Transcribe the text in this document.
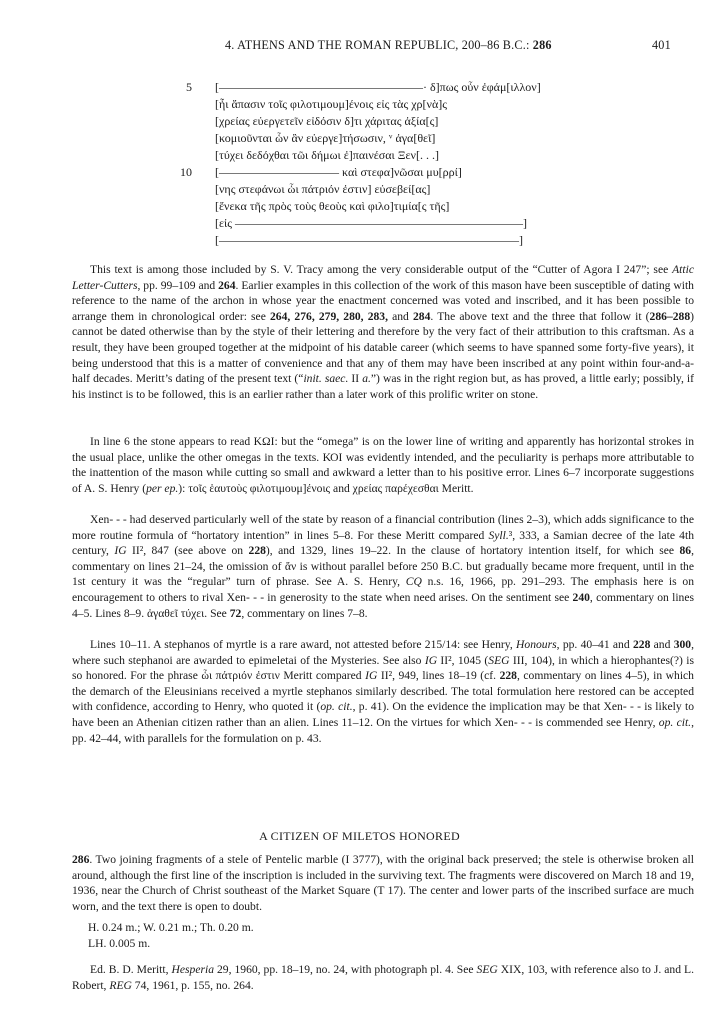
4. ATHENS AND THE ROMAN REPUBLIC, 200–86 B.C.: 286	401
5 [—————————————————· δ]πως οὖν ἐφάμ[ιλλον]
[ἦι ἅπασιν τοῖς φιλοτιμουμ]ένοις εἰς τὰς χρ[νὰ]ς
[χρείας εὐεργετεῖν εἰδόσιν δ]τι χάριτας ἀξία[ς]
[κομιοῦνται ὧν ἂν εὐεργε]τήσωσιν, ᵛ ἀγα[θεῖ]
[τύχει δεδόχθαι τῶι δήμωι ἐ]παινέσαι Ξεν[. . .]
10 [—————————— καὶ στεφα]νῶσαι μυ[ρρί]
[νης στεφάνωι ὧι πάτριόν ἐστιν] εὐσεβεί[ας]
[ἕνεκα τῆς πρὸς τοὺς θεοὺς καὶ φιλο]τιμία[ς τῆς]
[εἰς ————————————————————————]
[—————————————————————————]

This text is among those included by S. V. Tracy among the very considerable output of the “Cutter of Agora I 247”; see Attic Letter-Cutters, pp. 99–109 and 264. Earlier examples in this collection of the work of this mason have been susceptible of dating with reference to the name of the archon in whose year the enactment concerned was voted and inscribed, and it has been possible to arrange them in chronological order: see 264, 276, 279, 280, 283, and 284. The above text and the three that follow it (286–288) cannot be dated otherwise than by the style of their lettering and therefore by the very fact of their attribution to this craftsman. As a result, they have been grouped together at the midpoint of his datable career (which seems to have spanned some forty-five years), it being understood that this is a matter of convenience and that any of them may have been inscribed at any point within four-and-a-half decades. Meritt’s dating of the present text (“init. saec. II a.”) was in the right region but, as has proved, a little early; possibly, if his instinct is to be followed, this is an earlier rather than a later work of this prolific writer on stone.

In line 6 the stone appears to read ΚΩΙ: but the “omega” is on the lower line of writing and apparently has horizontal strokes in the usual place, unlike the other omegas in the texts. ΚΟΙ was evidently intended, and the peculiarity is perhaps more attributable to the inattention of the mason while cutting so small and awkward a letter than to his positive error. Lines 6–7 incorporate suggestions of A. S. Henry (per ep.): τοῖς ἑαυτοὺς φιλοτιμουμ]ένοις and χρείας παρέχεσθαι Meritt.

Xen- - - had deserved particularly well of the state by reason of a financial contribution (lines 2–3), which adds significance to the more routine formula of “hortatory intention” in lines 5–8. For these Meritt compared Syll.³, 333, a Samian decree of the late 4th century, IG II², 847 (see above on 228), and 1329, lines 19–22. In the clause of hortatory intention itself, for which see 86, commentary on lines 21–24, the omission of ἄν is without parallel before 250 B.C. but gradually became more frequent, until in the 1st century it was the “regular” turn of phrase. See A. S. Henry, CQ n.s. 16, 1966, pp. 291–293. The emphasis here is on encouragement to others to rival Xen- - - in generosity to the state when need arises. On the sentiment see 240, commentary on lines 4–5. Lines 8–9. ἀγαθεῖ τύχει. See 72, commentary on lines 7–8.

Lines 10–11. A stephanos of myrtle is a rare award, not attested before 215/14: see Henry, Honours, pp. 40–41 and 228 and 300, where such stephanoi are awarded to epimeletai of the Mysteries. See also IG II², 1045 (SEG III, 104), in which a hierophantes(?) is so honored. For the phrase ὧι πάτριόν ἐστιν Meritt compared IG II², 949, lines 18–19 (cf. 228, commentary on lines 4–5), in which the demarch of the Eleusinians received a myrtle stephanos similarly described. The total formulation here restored can be accepted with confidence, according to Henry, who quoted it (op. cit., p. 41). On the evidence the implication may be that Xen- - - is likely to have been an Athenian citizen rather than an alien. Lines 11–12. On the virtues for which Xen- - - is commended see Henry, op. cit., pp. 42–44, with parallels for the formulation on p. 43.

A CITIZEN OF MILETOS HONORED

286. Two joining fragments of a stele of Pentelic marble (I 3777), with the original back preserved; the stele is otherwise broken all around, although the first line of the inscription is included in the surviving text. The fragments were discovered on March 18 and 19, 1936, near the Church of Christ southeast of the Market Square (T 17). The center and lower parts of the inscribed surface are much worn, and the text there is open to doubt.

H. 0.24 m.; W. 0.21 m.; Th. 0.20 m.
LH. 0.005 m.

Ed. B. D. Meritt, Hesperia 29, 1960, pp. 18–19, no. 24, with photograph pl. 4. See SEG XIX, 103, with reference also to J. and L. Robert, REG 74, 1961, p. 155, no. 264.
